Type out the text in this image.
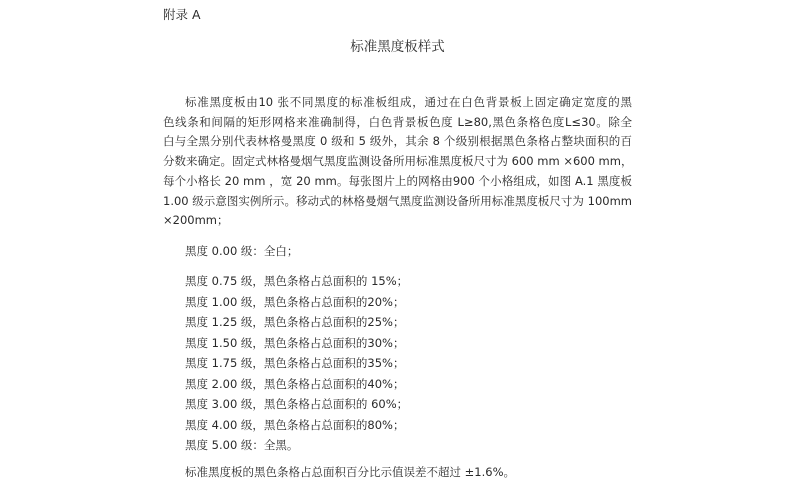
附录 A
标准黑度板样式
标准黑度板由10 张不同黑度的标准板组成，通过在白色背景板上固定确定宽度的黑
色线条和间隔的矩形网格来准确制得，白色背景板色度 L≥80,黑色条格色度L≤30。除全
白与全黑分别代表林格曼黑度 0 级和 5 级外，其余 8 个级别根据黑色条格占整块面积的百
分数来确定。固定式林格曼烟气黑度监测设备所用标准黑度板尺寸为 600 mm ×600 mm，
每个小格长 20 mm ，宽 20 mm。每张图片上的网格由900 个小格组成，如图 A.1 黑度板
1.00 级示意图实例所示。移动式的林格曼烟气黑度监测设备所用标准黑度板尺寸为 100mm
×200mm；
黑度 0.00 级：全白；
黑度 0.75 级，黑色条格占总面积的 15%；
黑度 1.00 级，黑色条格占总面积的20%；
黑度 1.25 级，黑色条格占总面积的25%；
黑度 1.50 级，黑色条格占总面积的30%；
黑度 1.75 级，黑色条格占总面积的35%；
黑度 2.00 级，黑色条格占总面积的40%；
黑度 3.00 级，黑色条格占总面积的 60%；
黑度 4.00 级，黑色条格占总面积的80%；
黑度 5.00 级：全黑。
标准黑度板的黑色条格占总面积百分比示值误差不超过 ±1.6%。
